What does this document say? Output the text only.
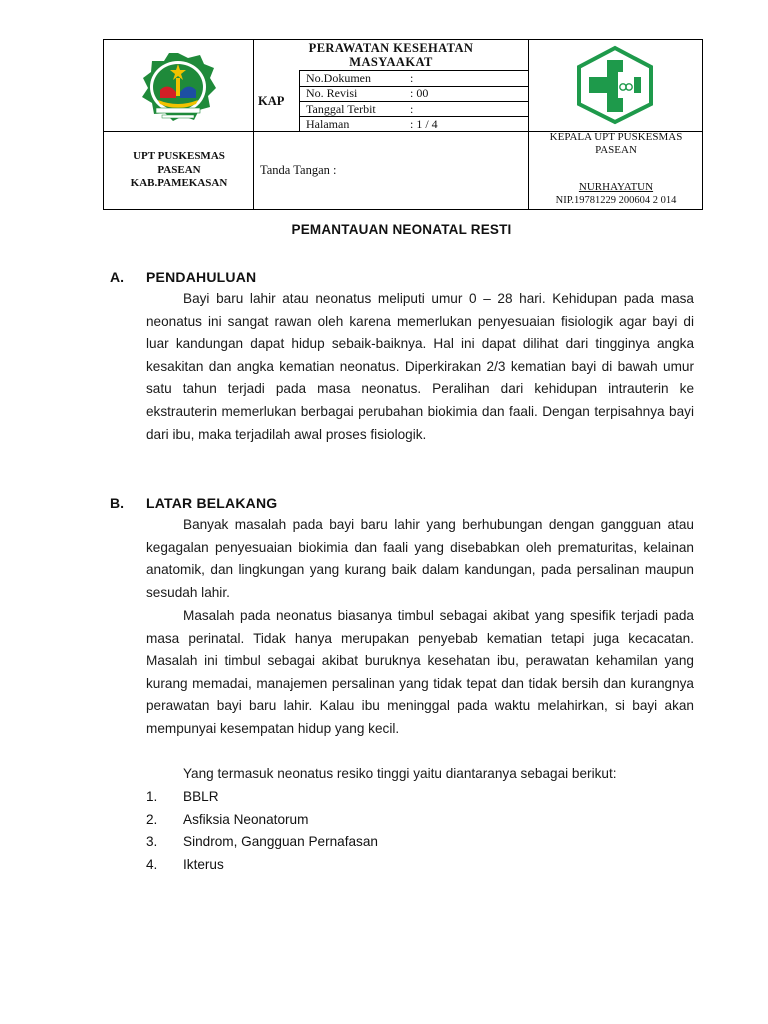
PERAWATAN KESEHATAN
MASYAAKAT
KAP
No.Dokumen	:
No. Revisi	: 00
Tanggal Terbit	:
Halaman	: 1 / 4
UPT PUSKESMAS
PASEAN
KAB.PAMEKASAN
Tanda Tangan :
KEPALA UPT PUSKESMAS
PASEAN
NURHAYATUN
NIP.19781229 200604 2 014
PEMANTAUAN NEONATAL RESTI
A. PENDAHULUAN
Bayi baru lahir atau neonatus meliputi umur 0 – 28 hari. Kehidupan pada masa neonatus ini sangat rawan oleh karena memerlukan penyesuaian fisiologik agar bayi di luar kandungan dapat hidup sebaik-baiknya. Hal ini dapat dilihat dari tingginya angka kesakitan dan angka kematian neonatus. Diperkirakan 2/3 kematian bayi di bawah umur satu tahun terjadi pada masa neonatus. Peralihan dari kehidupan intrauterin ke ekstrauterin memerlukan berbagai perubahan biokimia dan faali. Dengan terpisahnya bayi dari ibu, maka terjadilah awal proses fisiologik.
B. LATAR BELAKANG
Banyak masalah pada bayi baru lahir yang berhubungan dengan gangguan atau kegagalan penyesuaian biokimia dan faali yang disebabkan oleh prematuritas, kelainan anatomik, dan lingkungan yang kurang baik dalam kandungan, pada persalinan maupun sesudah lahir.
Masalah pada neonatus biasanya timbul sebagai akibat yang spesifik terjadi pada masa perinatal. Tidak hanya merupakan penyebab kematian tetapi juga kecacatan. Masalah ini timbul sebagai akibat buruknya kesehatan ibu, perawatan kehamilan yang kurang memadai, manajemen persalinan yang tidak tepat dan tidak bersih dan kurangnya perawatan bayi baru lahir. Kalau ibu meninggal pada waktu melahirkan, si bayi akan mempunyai kesempatan hidup yang kecil.
Yang termasuk neonatus resiko tinggi yaitu diantaranya sebagai berikut:
1. BBLR
2. Asfiksia Neonatorum
3. Sindrom, Gangguan Pernafasan
4. Ikterus
